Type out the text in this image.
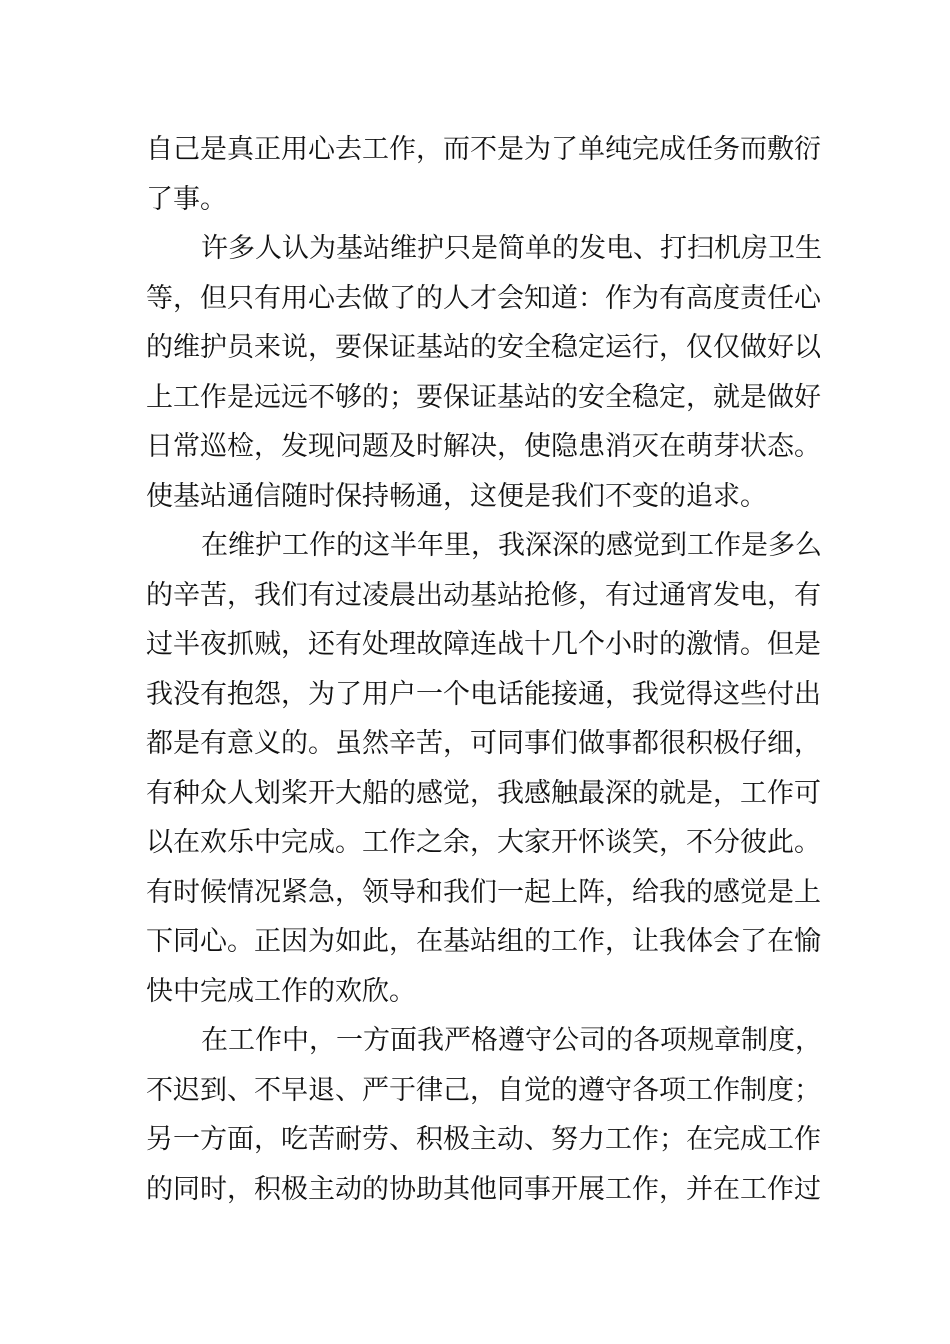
自己是真正用心去工作，而不是为了单纯完成任务而敷衍
了事。
许多人认为基站维护只是简单的发电、打扫机房卫生
等，但只有用心去做了的人才会知道：作为有高度责任心
的维护员来说，要保证基站的安全稳定运行，仅仅做好以
上工作是远远不够的；要保证基站的安全稳定，就是做好
日常巡检，发现问题及时解决，使隐患消灭在萌芽状态。
使基站通信随时保持畅通，这便是我们不变的追求。
在维护工作的这半年里，我深深的感觉到工作是多么
的辛苦，我们有过凌晨出动基站抢修，有过通宵发电，有
过半夜抓贼，还有处理故障连战十几个小时的激情。但是
我没有抱怨，为了用户一个电话能接通，我觉得这些付出
都是有意义的。虽然辛苦，可同事们做事都很积极仔细，
有种众人划桨开大船的感觉，我感触最深的就是，工作可
以在欢乐中完成。工作之余，大家开怀谈笑，不分彼此。
有时候情况紧急，领导和我们一起上阵，给我的感觉是上
下同心。正因为如此，在基站组的工作，让我体会了在愉
快中完成工作的欢欣。
在工作中，一方面我严格遵守公司的各项规章制度，
不迟到、不早退、严于律己，自觉的遵守各项工作制度；
另一方面，吃苦耐劳、积极主动、努力工作；在完成工作
的同时，积极主动的协助其他同事开展工作，并在工作过
